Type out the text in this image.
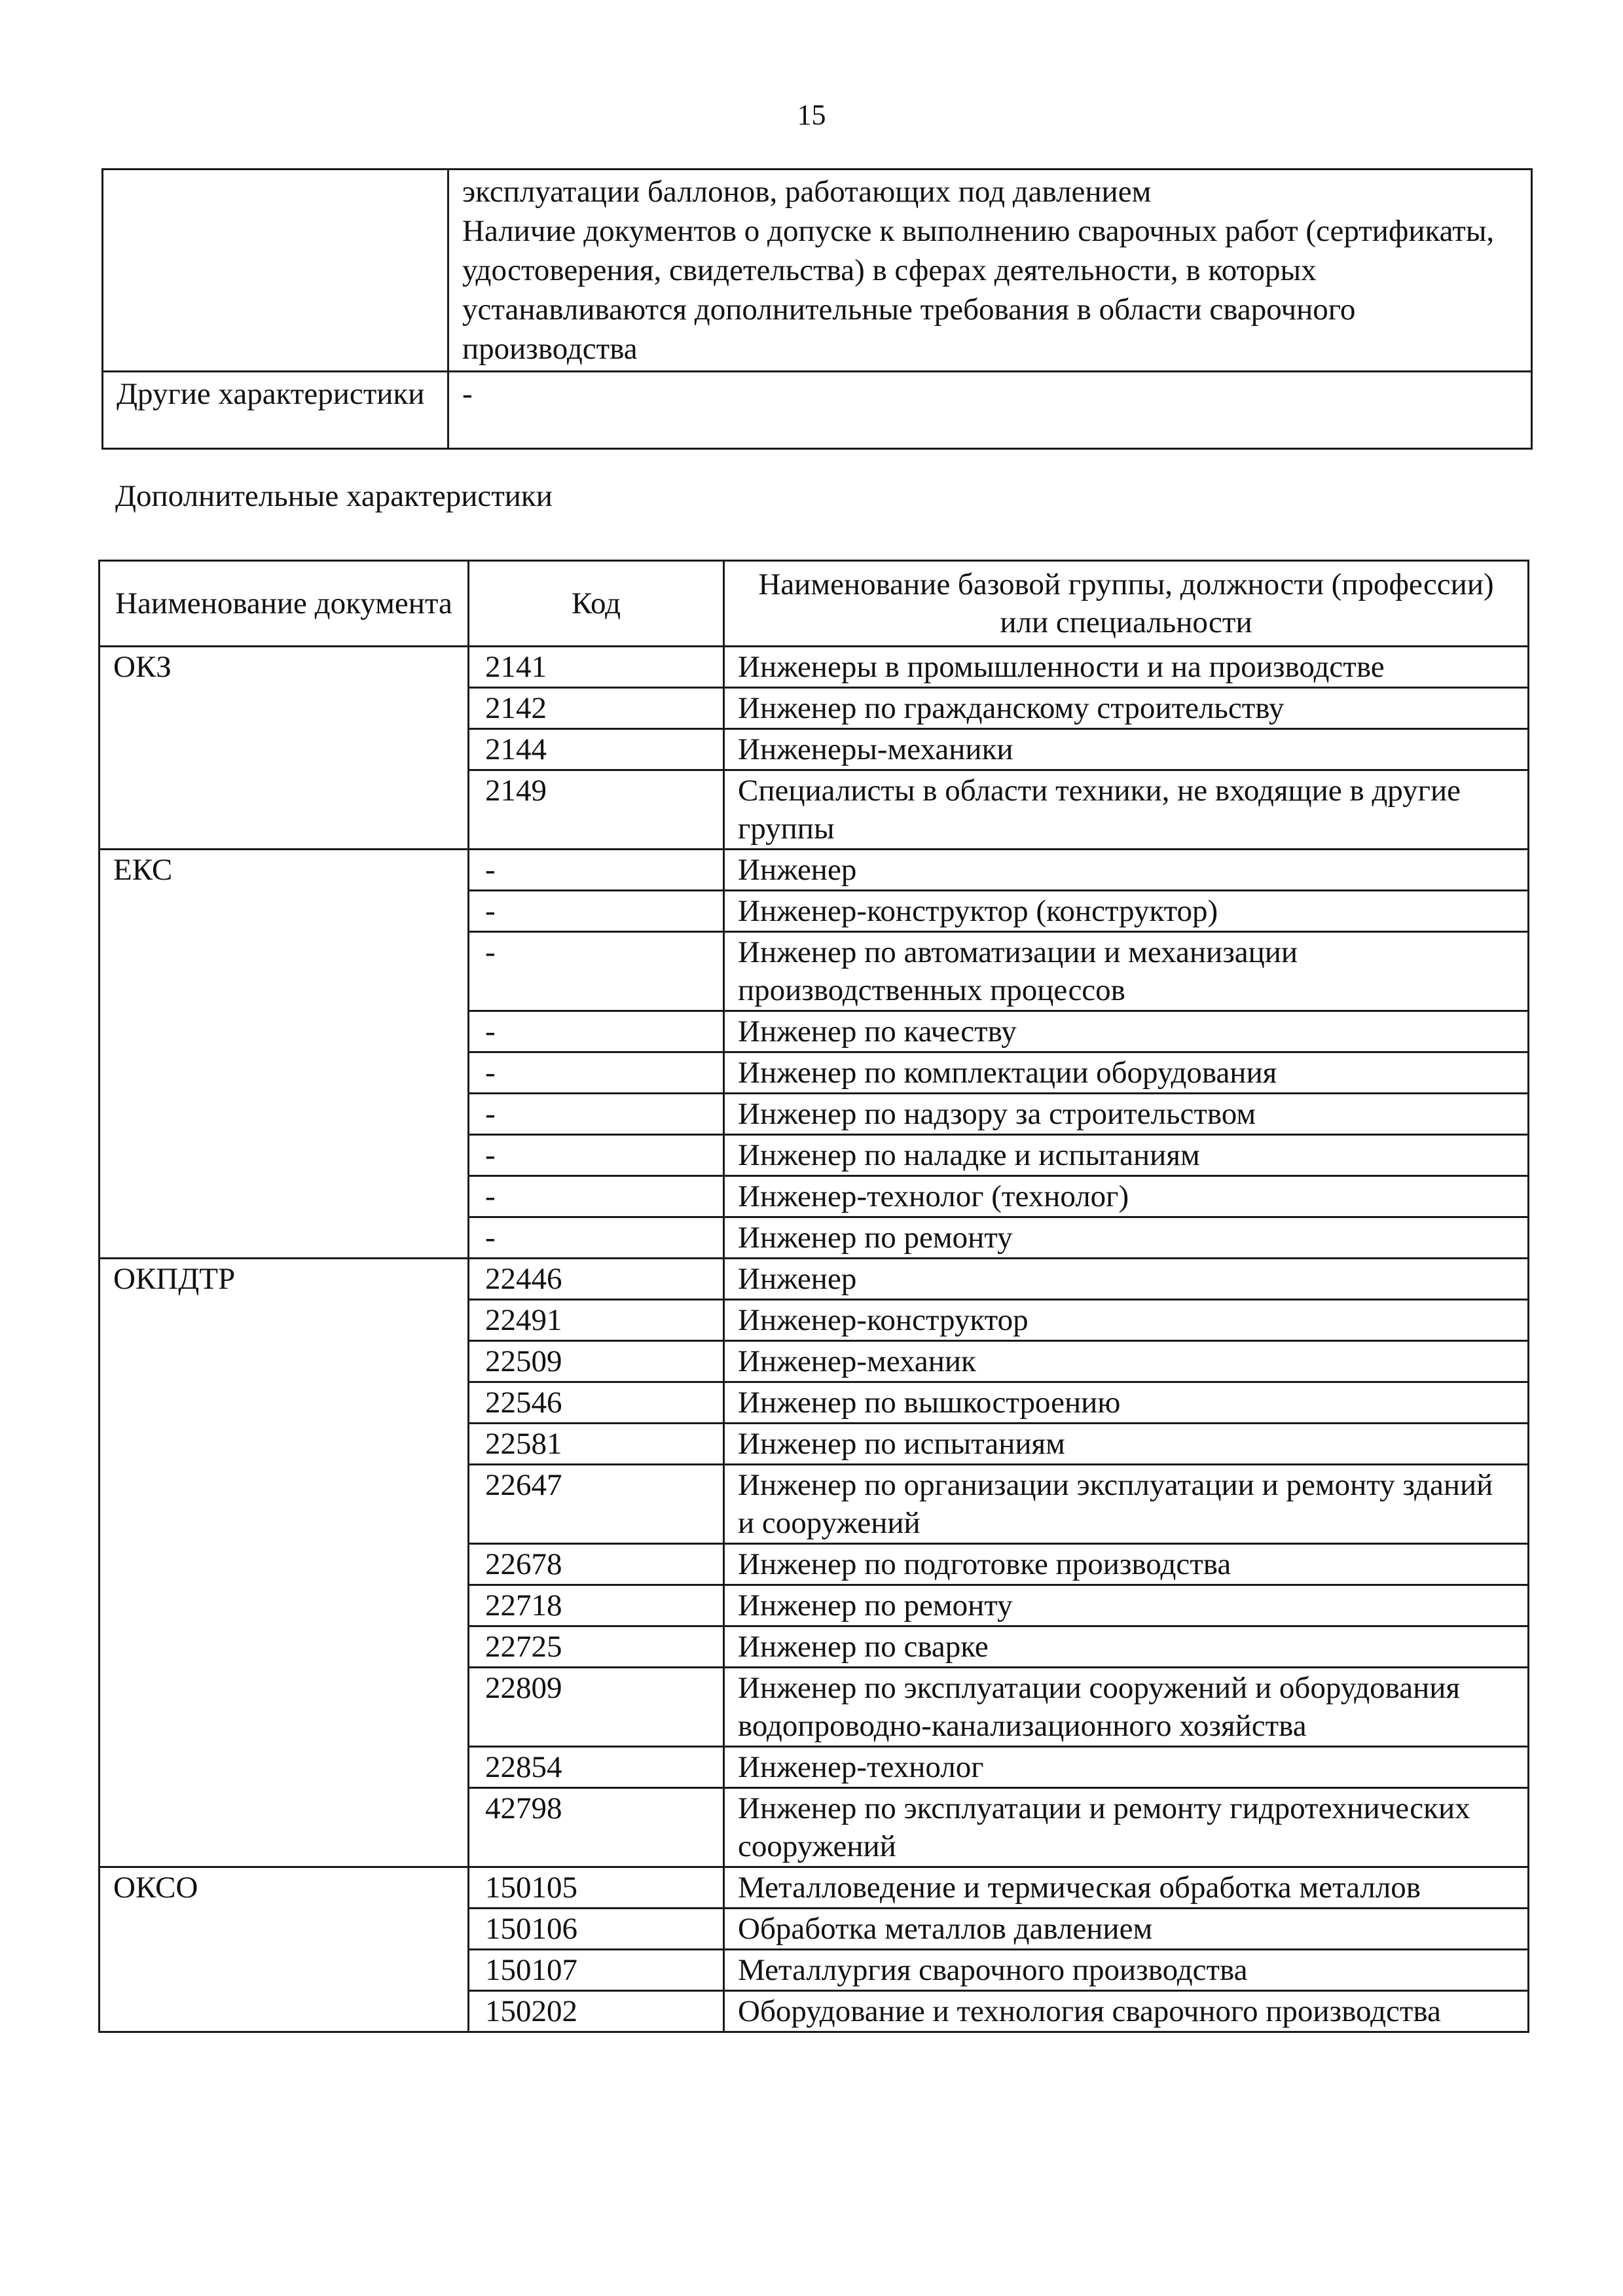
15

	эксплуатации баллонов, работающих под давлением
Наличие документов о допуске к выполнению сварочных работ (сертификаты, удостоверения, свидетельства) в сферах деятельности, в которых устанавливаются дополнительные требования в области сварочного производства

Другие характеристики	-
Дополнительные характеристики
Наименование документа	Код	Наименование базовой группы, должности (профессии) или специальности
ОКЗ	2141	Инженеры в промышленности и на производстве
	2142	Инженер по гражданскому строительству
	2144	Инженеры-механики
	2149	Специалисты в области техники, не входящие в другие группы
ЕКС	-	Инженер
	-	Инженер-конструктор (конструктор)
	-	Инженер по автоматизации и механизации производственных процессов
	-	Инженер по качеству
	-	Инженер по комплектации оборудования
	-	Инженер по надзору за строительством
	-	Инженер по наладке и испытаниям
	-	Инженер-технолог (технолог)
	-	Инженер по ремонту
ОКПДТР	22446	Инженер
	22491	Инженер-конструктор
	22509	Инженер-механик
	22546	Инженер по вышкостроению
	22581	Инженер по испытаниям
	22647	Инженер по организации эксплуатации и ремонту зданий и сооружений
	22678	Инженер по подготовке производства
	22718	Инженер по ремонту
	22725	Инженер по сварке
	22809	Инженер по эксплуатации сооружений и оборудования водопроводно-канализационного хозяйства
	22854	Инженер-технолог
	42798	Инженер по эксплуатации и ремонту гидротехнических сооружений
ОКСО	150105	Металловедение и термическая обработка металлов
	150106	Обработка металлов давлением
	150107	Металлургия сварочного производства
	150202	Оборудование и технология сварочного производства
